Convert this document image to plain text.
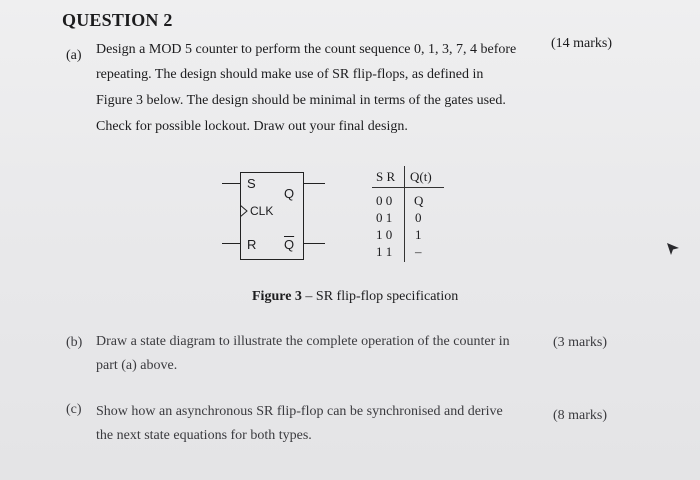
QUESTION 2
(a) Design a MOD 5 counter to perform the count sequence 0, 1, 3, 7, 4 before
repeating. The design should make use of SR flip-flops, as defined in
Figure 3 below. The design should be minimal in terms of the gates used.
Check for possible lockout. Draw out your final design.
(14 marks)
S
CLK
R
Q
$\overline{Q}$
S R Q(t)
0 0 Q
0 1 0
1 0 1
1 1 –
Figure 3 – SR flip-flop specification
(b) Draw a state diagram to illustrate the complete operation of the counter in
part (a) above.
(3 marks)
(c) Show how an asynchronous SR flip-flop can be synchronised and derive
the next state equations for both types.
(8 marks)
